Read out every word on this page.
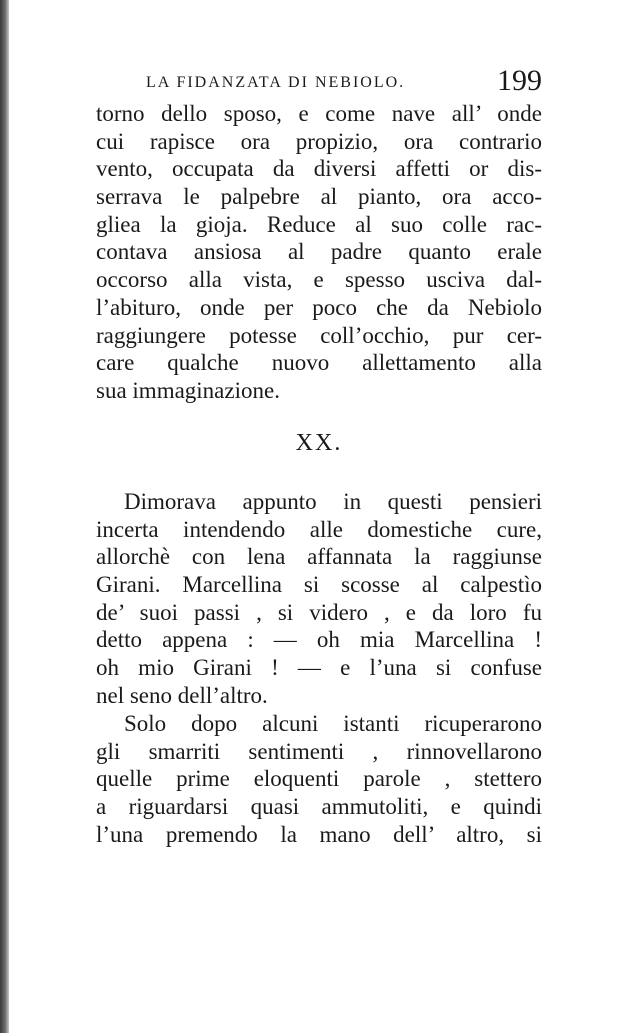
LA FIDANZATA DI NEBIOLO.	199
torno dello sposo, e come nave all’ onde
cui rapisce ora propizio, ora contrario
vento, occupata da diversi affetti or dis-
serrava le palpebre al pianto, ora acco-
gliea la gioja. Reduce al suo colle rac-
contava ansiosa al padre quanto erale
occorso alla vista, e spesso usciva dal-
l’abituro, onde per poco che da Nebiolo
raggiungere potesse coll’occhio, pur cer-
care qualche nuovo allettamento alla
sua immaginazione.
XX.
Dimorava appunto in questi pensieri
incerta intendendo alle domestiche cure,
allorchè con lena affannata la raggiunse
Girani. Marcellina si scosse al calpestìo
de’ suoi passi , si videro , e da loro fu
detto appena : — oh mia Marcellina !
oh mio Girani ! — e l’una si confuse
nel seno dell’altro.
Solo dopo alcuni istanti ricuperarono
gli smarriti sentimenti , rinnovellarono
quelle prime eloquenti parole , stettero
a riguardarsi quasi ammutoliti, e quindi
l’una premendo la mano dell’ altro, si
